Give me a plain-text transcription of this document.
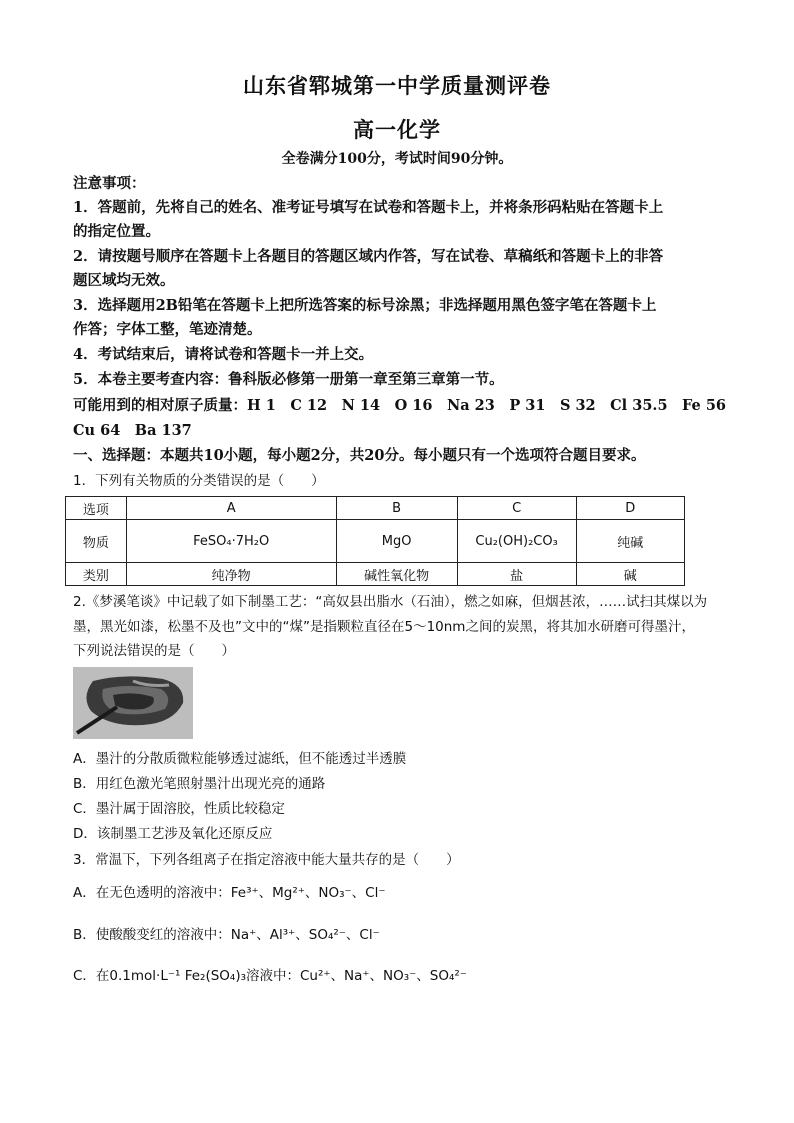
山东省郓城第一中学质量测评卷
高一化学
全卷满分100分，考试时间90分钟。
注意事项：
1．答题前，先将自己的姓名、准考证号填写在试卷和答题卡上，并将条形码粘贴在答题卡上
的指定位置。
2．请按题号顺序在答题卡上各题目的答题区域内作答，写在试卷、草稿纸和答题卡上的非答
题区域均无效。
3．选择题用2B铅笔在答题卡上把所选答案的标号涂黑；非选择题用黑色签字笔在答题卡上
作答；字体工整，笔迹清楚。
4．考试结束后，请将试卷和答题卡一并上交。
5．本卷主要考查内容：鲁科版必修第一册第一章至第三章第一节。
可能用到的相对原子质量：H 1　C 12　N 14　O 16　Na 23　P 31　S 32　Cl 35.5　Fe 56
Cu 64　Ba 137
一、选择题：本题共10小题，每小题2分，共20分。每小题只有一个选项符合题目要求。
1．下列有关物质的分类错误的是（　　）
选项	A	B	C	D
物质	FeSO₄·7H₂O	MgO	Cu₂(OH)₂CO₃	纯碱
类别	纯净物	碱性氧化物	盐	碱
2.《梦溪笔谈》中记载了如下制墨工艺：“高奴县出脂水（石油），燃之如麻，但烟甚浓，……试扫其煤以为
墨，黑光如漆，松墨不及也”文中的“煤”是指颗粒直径在5～10nm之间的炭黑，将其加水研磨可得墨汁，
下列说法错误的是（　　）
A．墨汁的分散质微粒能够透过滤纸，但不能透过半透膜
B．用红色激光笔照射墨汁出现光亮的通路
C．墨汁属于固溶胶，性质比较稳定
D．该制墨工艺涉及氧化还原反应
3．常温下，下列各组离子在指定溶液中能大量共存的是（　　）
A．在无色透明的溶液中：Fe³⁺、Mg²⁺、NO₃⁻、Cl⁻
B．使酸酸变红的溶液中：Na⁺、Al³⁺、SO₄²⁻、Cl⁻
C．在0.1mol·L⁻¹ Fe₂(SO₄)₃溶液中：Cu²⁺、Na⁺、NO₃⁻、SO₄²⁻
